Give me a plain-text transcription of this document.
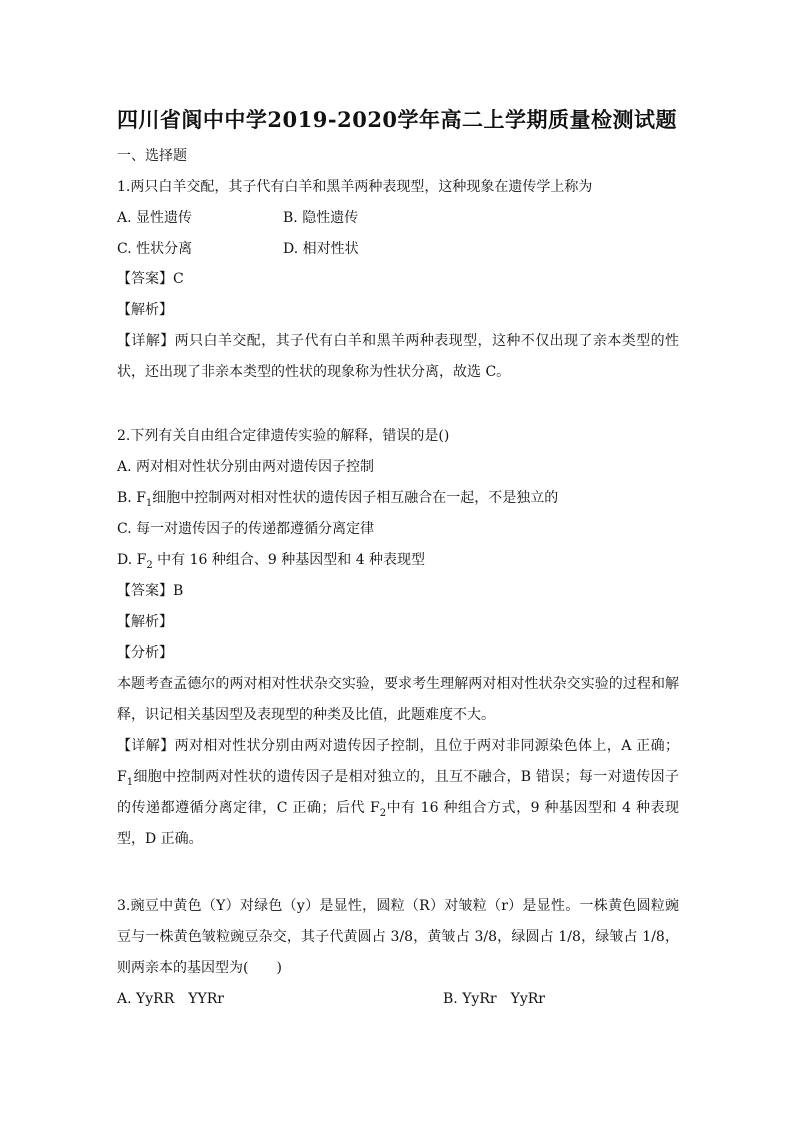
四川省阆中中学2019-2020学年高二上学期质量检测试题
一、选择题
1.两只白羊交配，其子代有白羊和黑羊两种表现型，这种现象在遗传学上称为
A. 显性遗传	B. 隐性遗传
C. 性状分离	D. 相对性状
【答案】C
【解析】
【详解】两只白羊交配，其子代有白羊和黑羊两种表现型，这种不仅出现了亲本类型的性状，还出现了非亲本类型的性状的现象称为性状分离，故选 C。
2.下列有关自由组合定律遗传实验的解释，错误的是()
A. 两对相对性状分别由两对遗传因子控制
B. $F_1$细胞中控制两对相对性状的遗传因子相互融合在一起，不是独立的
C. 每一对遗传因子的传递都遵循分离定律
D. $F_2$ 中有 16 种组合、9 种基因型和 4 种表现型
【答案】B
【解析】
【分析】
本题考查孟德尔的两对相对性状杂交实验，要求考生理解两对相对性状杂交实验的过程和解释，识记相关基因型及表现型的种类及比值，此题难度不大。
【详解】两对相对性状分别由两对遗传因子控制，且位于两对非同源染色体上，A 正确；$F_1$细胞中控制两对性状的遗传因子是相对独立的，且互不融合，B 错误；每一对遗传因子的传递都遵循分离定律，C 正确；后代 $F_2$中有 16 种组合方式，9 种基因型和 4 种表现型，D 正确。
3.豌豆中黄色（Y）对绿色（y）是显性，圆粒（R）对皱粒（r）是显性。一株黄色圆粒豌豆与一株黄色皱粒豌豆杂交，其子代黄圆占 3/8，黄皱占 3/8，绿圆占 1/8，绿皱占 1/8，则两亲本的基因型为(　　)
A. YyRR　YYRr	B. YyRr　YyRr
